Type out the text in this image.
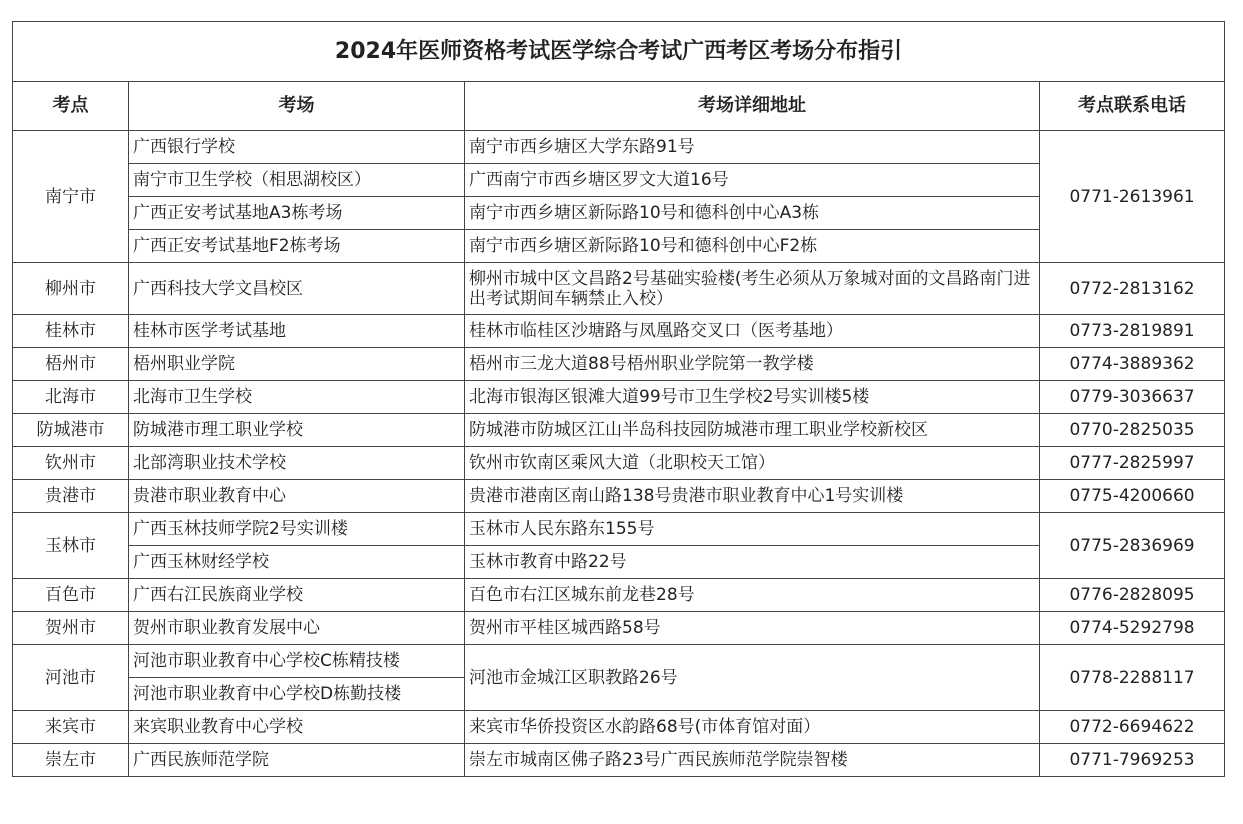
2024年医师资格考试医学综合考试广西考区考场分布指引			
考点	考场	考场详细地址	考点联系电话
南宁市	广西银行学校	南宁市西乡塘区大学东路91号	0771-2613961
	南宁市卫生学校（相思湖校区）	广西南宁市西乡塘区罗文大道16号	
	广西正安考试基地A3栋考场	南宁市西乡塘区新际路10号和德科创中心A3栋	
	广西正安考试基地F2栋考场	南宁市西乡塘区新际路10号和德科创中心F2栋	
柳州市	广西科技大学文昌校区	柳州市城中区文昌路2号基础实验楼(考生必须从万象城对面的文昌路南门进出考试期间车辆禁止入校）	0772-2813162
桂林市	桂林市医学考试基地	桂林市临桂区沙塘路与凤凰路交叉口（医考基地）	0773-2819891
梧州市	梧州职业学院	梧州市三龙大道88号梧州职业学院第一教学楼	0774-3889362
北海市	北海市卫生学校	北海市银海区银滩大道99号市卫生学校2号实训楼5楼	0779-3036637
防城港市	防城港市理工职业学校	防城港市防城区江山半岛科技园防城港市理工职业学校新校区	0770-2825035
钦州市	北部湾职业技术学校	钦州市钦南区乘风大道（北职校天工馆）	0777-2825997
贵港市	贵港市职业教育中心	贵港市港南区南山路138号贵港市职业教育中心1号实训楼	0775-4200660
玉林市	广西玉林技师学院2号实训楼	玉林市人民东路东155号	0775-2836969
	广西玉林财经学校	玉林市教育中路22号	
百色市	广西右江民族商业学校	百色市右江区城东前龙巷28号	0776-2828095
贺州市	贺州市职业教育发展中心	贺州市平桂区城西路58号	0774-5292798
河池市	河池市职业教育中心学校C栋精技楼	河池市金城江区职教路26号	0778-2288117
	河池市职业教育中心学校D栋勤技楼		
来宾市	来宾职业教育中心学校	来宾市华侨投资区水韵路68号(市体育馆对面）	0772-6694622
崇左市	广西民族师范学院	崇左市城南区佛子路23号广西民族师范学院崇智楼	0771-7969253
